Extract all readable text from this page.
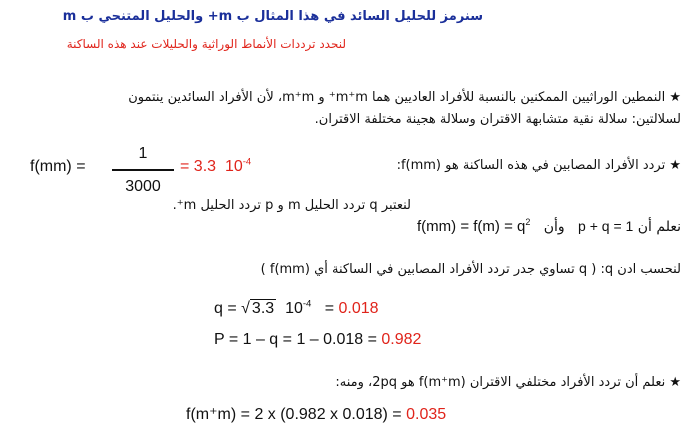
سنرمز للحليل السائد في هذا المثال ب m+ والحليل المتنحي ب m
لنحدد ترددات الأنماط الوراثية والحليلات عند هذه الساكنة
★ النمطين الوراثيين الممكنين بالنسبة للأفراد العاديين هما m⁺m⁺ و m⁺m، لأن الأفراد السائدين ينتمون
لسلالتين: سلالة نقية متشابهة الاقتران وسلالة هجينة مختلفة الاقتران.
★ تردد الأفراد المصابين في هذه الساكنة هو f(mm):
f(mm) =
1
3000
= 3.3 $10^{-4}$
لنعتبر q تردد الحليل m و p تردد الحليل m⁺.
نعلم أن p + q = 1   وأن   $f(mm) = f(m) = q^2$
لنحسب ادن q: ( q تساوي جدر تردد الأفراد المصابين في الساكنة أي f(mm) )
q = √ 3.3 $10^{-4} = 0.018$
P = 1 – q = 1 – 0.018 = 0.982
★ نعلم أن تردد الأفراد مختلفي الاقتران f(m⁺m) هو 2pq، ومنه:
f(m⁺m) = 2 x (0.982 x 0.018) = 0.035
